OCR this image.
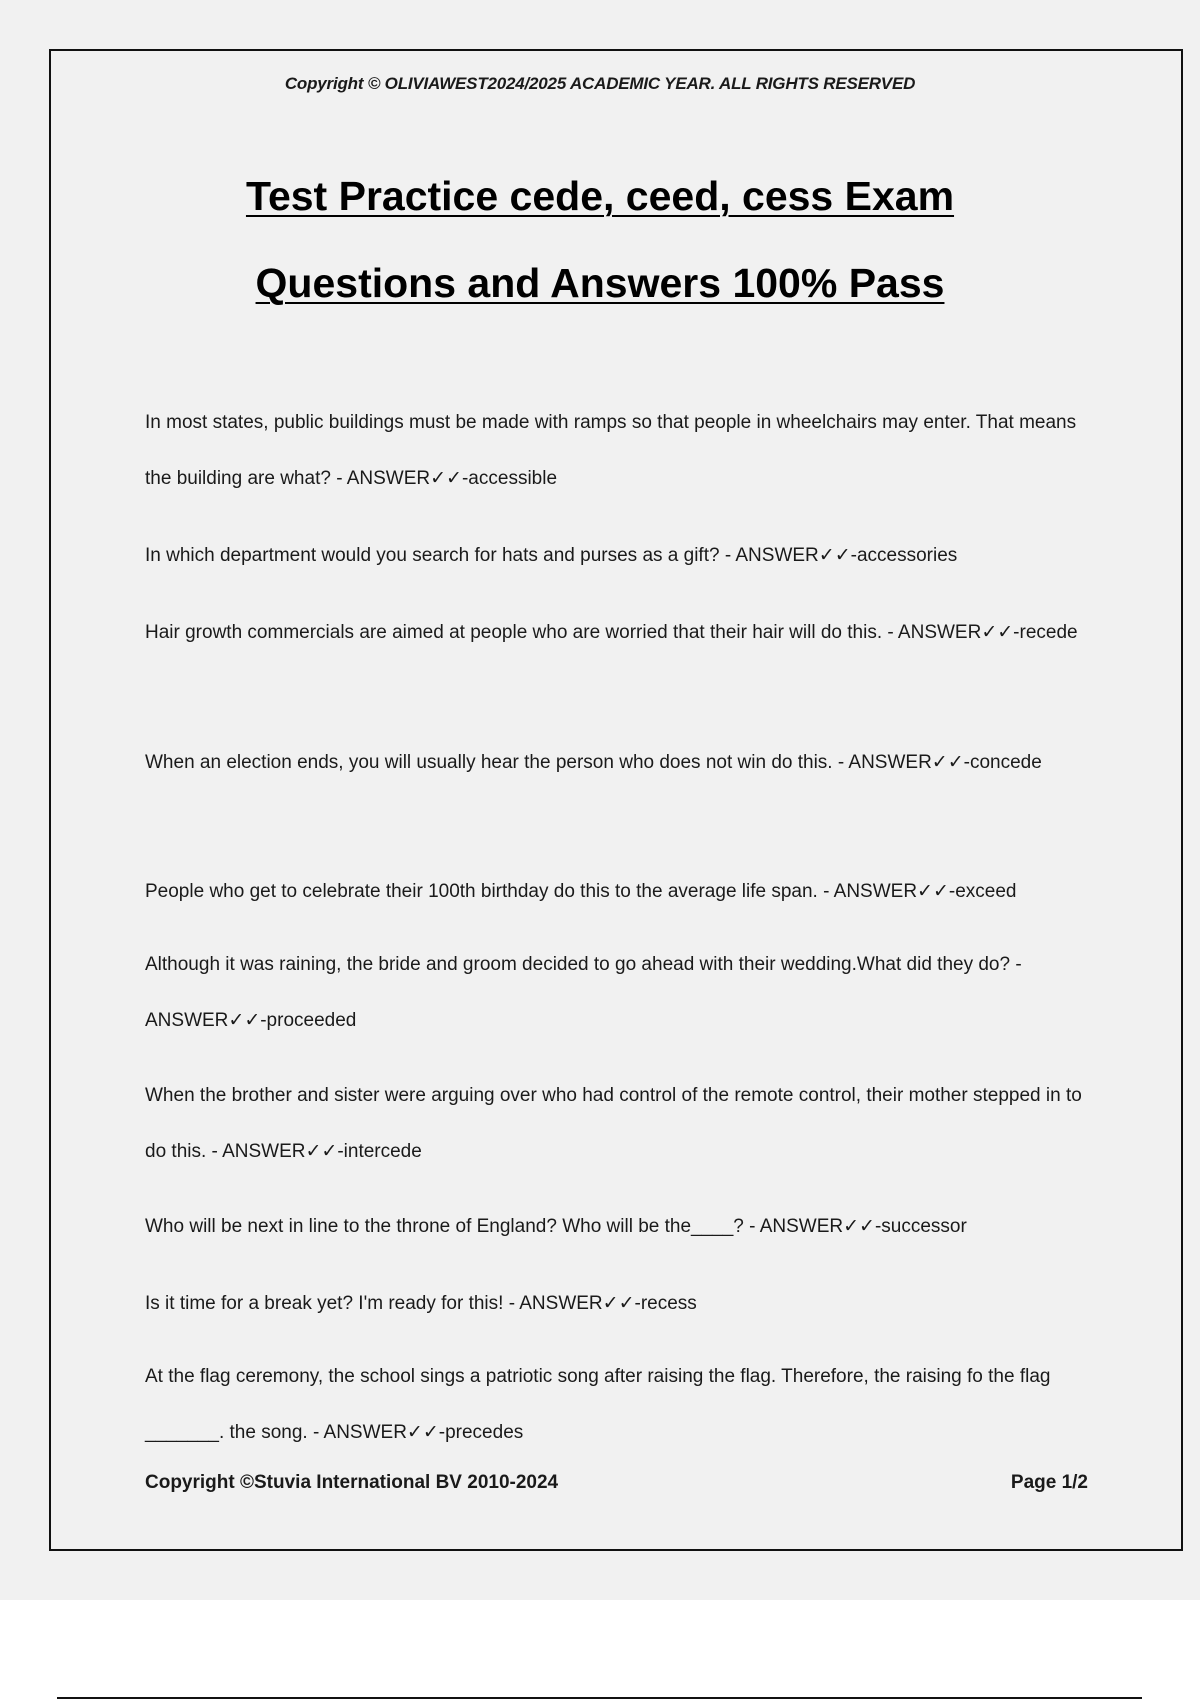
Copyright © OLIVIAWEST2024/2025 ACADEMIC YEAR. ALL RIGHTS RESERVED
Test Practice cede, ceed, cess Exam
Questions and Answers 100% Pass
In most states, public buildings must be made with ramps so that people in wheelchairs may enter. That means the building are what? - ANSWER✓✓-accessible
In which department would you search for hats and purses as a gift? - ANSWER✓✓-accessories
Hair growth commercials are aimed at people who are worried that their hair will do this. - ANSWER✓✓-recede
When an election ends, you will usually hear the person who does not win do this. - ANSWER✓✓-concede
People who get to celebrate their 100th birthday do this to the average life span. - ANSWER✓✓-exceed
Although it was raining, the bride and groom decided to go ahead with their wedding.What did they do? - ANSWER✓✓-proceeded
When the brother and sister were arguing over who had control of the remote control, their mother stepped in to do this. - ANSWER✓✓-intercede
Who will be next in line to the throne of England? Who will be the____? - ANSWER✓✓-successor
Is it time for a break yet? I'm ready for this! - ANSWER✓✓-recess
At the flag ceremony, the school sings a patriotic song after raising the flag. Therefore, the raising fo the flag _______. the song. - ANSWER✓✓-precedes
Copyright ©Stuvia International BV 2010-2024	Page 1/2
